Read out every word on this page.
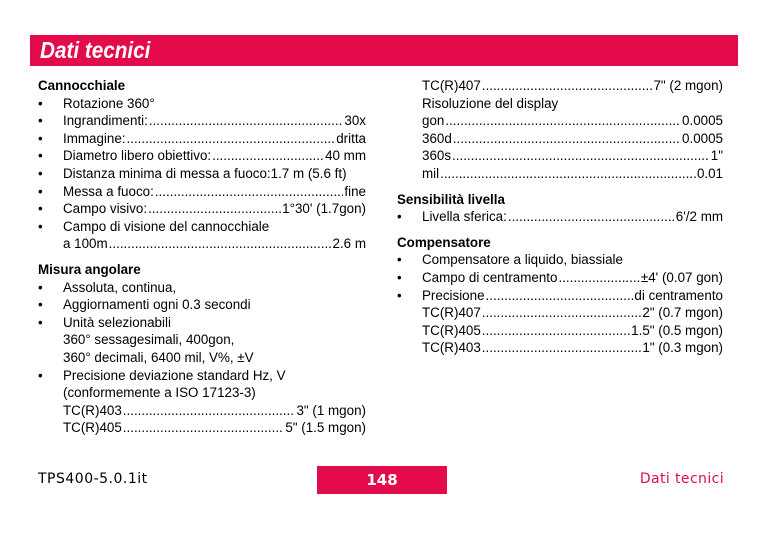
Dati tecnici
Cannocchiale
• Rotazione 360°
• Ingrandimenti: .....	30x
• Immagine: .....	dritta
• Diametro libero obiettivo: .....	40 mm
• Distanza minima di messa a fuoco:1.7 m (5.6 ft)
• Messa a fuoco: .....	fine
• Campo visivo: .....	1°30' (1.7gon)
• Campo di visione del cannocchiale
a 100m .....	2.6 m
Misura angolare
• Assoluta, continua,
• Aggiornamenti ogni 0.3 secondi
• Unità selezionabili
360° sessagesimali, 400gon,
360° decimali, 6400 mil, V%, ±V
• Precisione deviazione standard Hz, V
(conformemente a ISO 17123-3)
TC(R)403 .....	3" (1 mgon)
TC(R)405 .....	5" (1.5 mgon)
TC(R)407 .....	7" (2 mgon)
Risoluzione del display
gon .....	0.0005
360d .....	0.0005
360s .....	1"
mil .....	0.01
Sensibilità livella
• Livella sferica: .....	6'/2 mm
Compensatore
• Compensatore a liquido, biassiale
• Campo di centramento .....	±4' (0.07 gon)
• Precisione .....	di centramento
TC(R)407 .....	2" (0.7 mgon)
TC(R)405 .....	1.5" (0.5 mgon)
TC(R)403 .....	1" (0.3 mgon)
TPS400-5.0.1it	148	Dati tecnici
